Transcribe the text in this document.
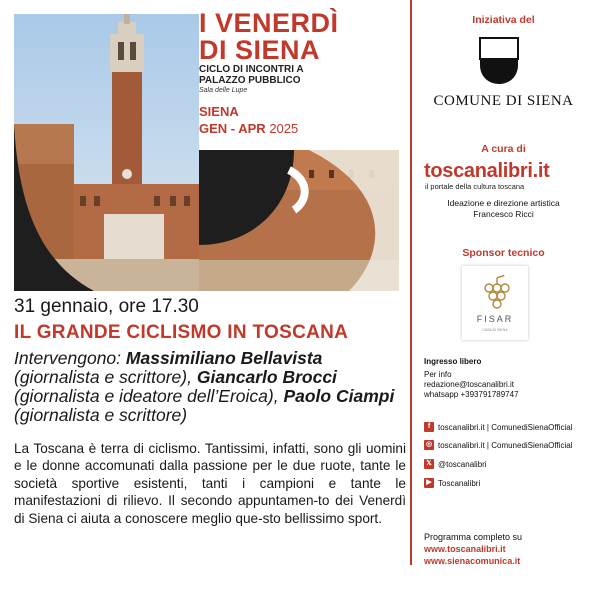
I VENERDÌ
DI SIENA
CICLO DI INCONTRI A
PALAZZO PUBBLICO
Sala delle Lupe
SIENA
GEN - APR 2025
31 gennaio, ore 17.30
IL GRANDE CICLISMO IN TOSCANA
Intervengono: Massimiliano Bellavista (giornalista e scrittore), Giancarlo Brocci (giornalista e ideatore dell’Eroica), Paolo Ciampi (giornalista e scrittore)
La Toscana è terra di ciclismo. Tantissimi, infatti, sono gli uomini e le donne accomunati dalla passione per le due ruote, tante le società sportive esistenti, tanti i campioni e tante le manifestazioni di rilievo. Il secondo appuntamen-to dei Venerdì di Siena ci aiuta a conoscere meglio que-sto bellissimo sport.
Iniziativa del
COMUNE DI SIENA
A cura di
toscanalibri.it
il portale della cultura toscana
Ideazione e direzione artistica
Francesco Ricci
Sponsor tecnico
FISAR
CASA DI SIENA
Ingresso libero
Per info
redazione@toscanalibri.it
whatsapp +393791789747
f toscanalibri.it | ComunediSienaOfficial
◎ toscanalibri.it | ComunediSienaOfficial
𝕏 @toscanalibri
▶ Toscanalibri
Programma completo su
www.toscanalibri.it
www.sienacomunica.it
